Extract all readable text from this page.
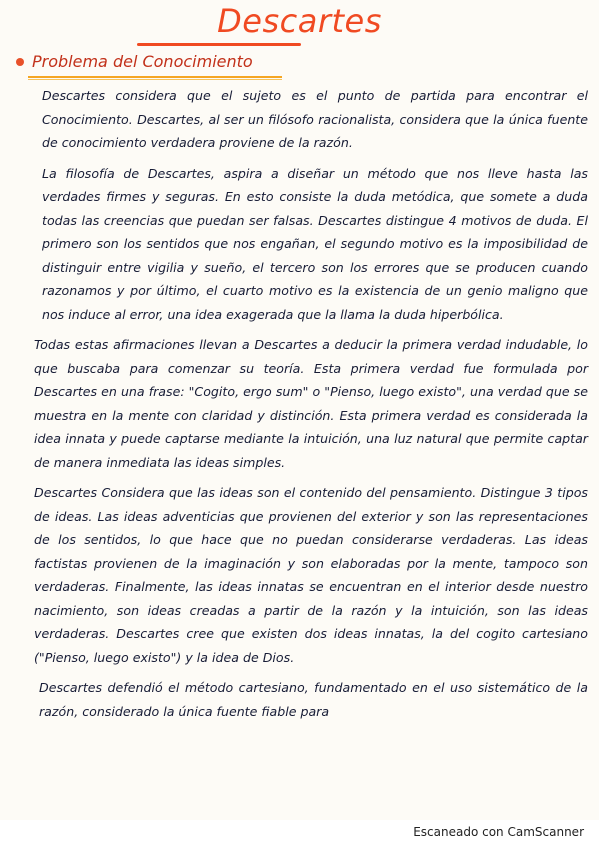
Descartes
Problema del Conocimiento

Descartes considera que el sujeto es el punto de partida para encontrar el Conocimiento. Descartes, al ser un filósofo racionalista, considera que la única fuente de conocimiento verdadera proviene de la razón.

La filosofía de Descartes, aspira a diseñar un método que nos lleve hasta las verdades firmes y seguras. En esto consiste la duda metódica, que somete a duda todas las creencias que puedan ser falsas. Descartes distingue 4 motivos de duda. El primero son los sentidos que nos engañan, el segundo motivo es la imposibilidad de distinguir entre vigilia y sueño, el tercero son los errores que se producen cuando razonamos y por último, el cuarto motivo es la existencia de un genio maligno que nos induce al error, una idea exagerada que la llama la duda hiperbólica.

Todas estas afirmaciones llevan a Descartes a deducir la primera verdad indudable, lo que buscaba para comenzar su teoría. Esta primera verdad fue formulada por Descartes en una frase: "Cogito, ergo sum" o "Pienso, luego existo", una verdad que se muestra en la mente con claridad y distinción. Esta primera verdad es considerada la idea innata y puede captarse mediante la intuición, una luz natural que permite captar de manera inmediata las ideas simples.

Descartes Considera que las ideas son el contenido del pensamiento. Distingue 3 tipos de ideas. Las ideas adventicias que provienen del exterior y son las representaciones de los sentidos, lo que hace que no puedan considerarse verdaderas. Las ideas factistas provienen de la imaginación y son elaboradas por la mente, tampoco son verdaderas. Finalmente, las ideas innatas se encuentran en el interior desde nuestro nacimiento, son ideas creadas a partir de la razón y la intuición, son las ideas verdaderas. Descartes cree que existen dos ideas innatas, la del cogito cartesiano ("Pienso, luego existo") y la idea de Dios.

Descartes defendió el método cartesiano, fundamentado en el uso sistemático de la razón, considerado la única fuente fiable para

Escaneado con CamScanner
